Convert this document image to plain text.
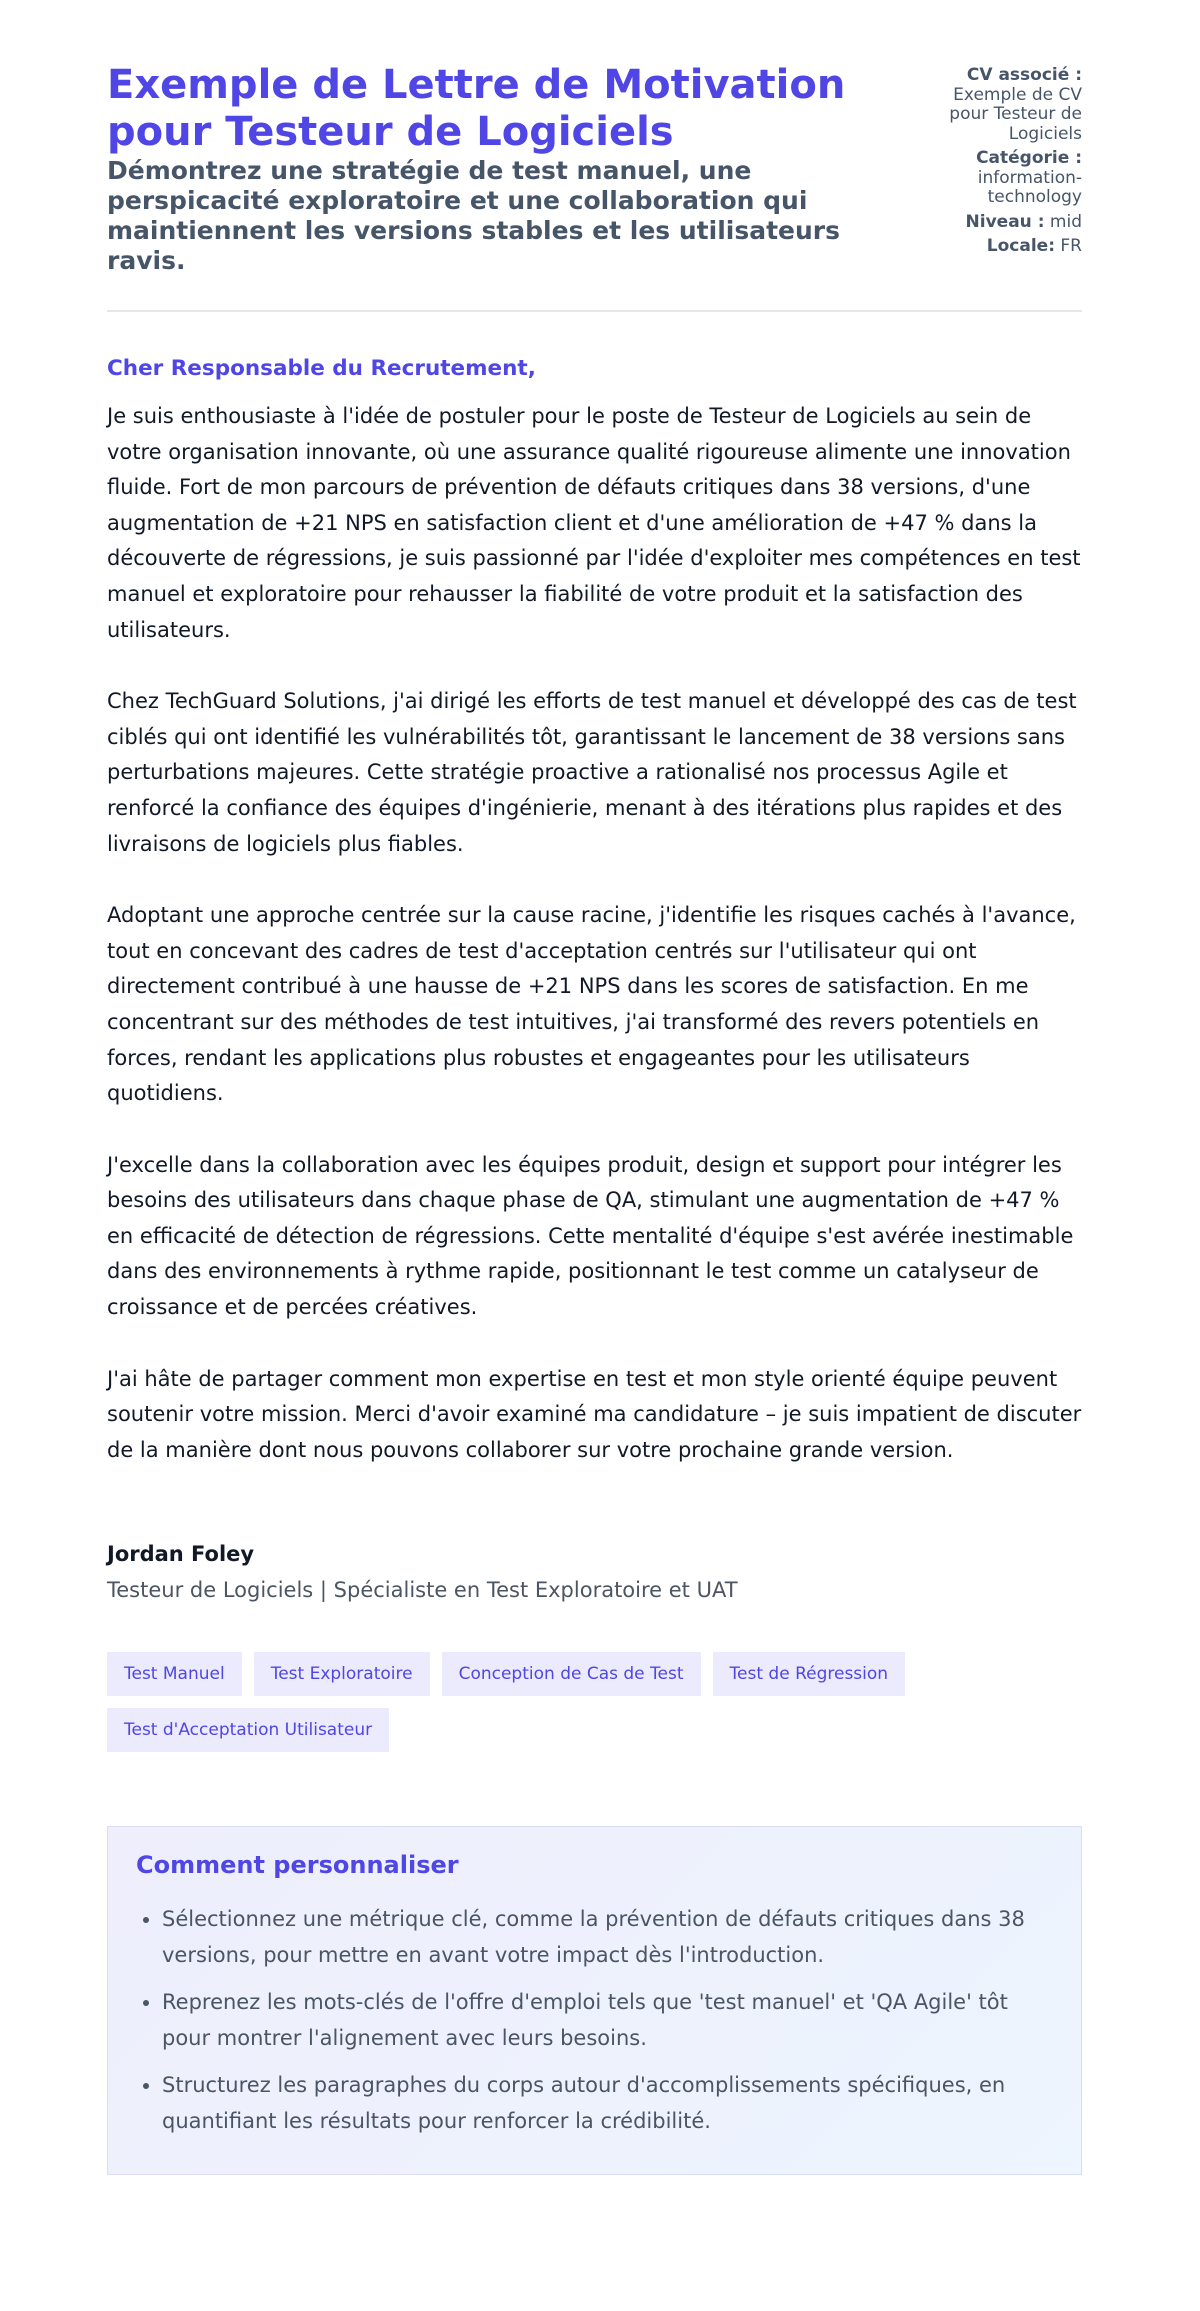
Exemple de Lettre de Motivation pour Testeur de Logiciels
Démontrez une stratégie de test manuel, une perspicacité exploratoire et une collaboration qui maintiennent les versions stables et les utilisateurs ravis.
CV associé :
Exemple de CV pour Testeur de Logiciels
Catégorie :
information-technology
Niveau : mid
Locale: FR
Cher Responsable du Recrutement,

Je suis enthousiaste à l'idée de postuler pour le poste de Testeur de Logiciels au sein de votre organisation innovante, où une assurance qualité rigoureuse alimente une innovation fluide. Fort de mon parcours de prévention de défauts critiques dans 38 versions, d'une augmentation de +21 NPS en satisfaction client et d'une amélioration de +47 % dans la découverte de régressions, je suis passionné par l'idée d'exploiter mes compétences en test manuel et exploratoire pour rehausser la fiabilité de votre produit et la satisfaction des utilisateurs.

Chez TechGuard Solutions, j'ai dirigé les efforts de test manuel et développé des cas de test ciblés qui ont identifié les vulnérabilités tôt, garantissant le lancement de 38 versions sans perturbations majeures. Cette stratégie proactive a rationalisé nos processus Agile et renforcé la confiance des équipes d'ingénierie, menant à des itérations plus rapides et des livraisons de logiciels plus fiables.

Adoptant une approche centrée sur la cause racine, j'identifie les risques cachés à l'avance, tout en concevant des cadres de test d'acceptation centrés sur l'utilisateur qui ont directement contribué à une hausse de +21 NPS dans les scores de satisfaction. En me concentrant sur des méthodes de test intuitives, j'ai transformé des revers potentiels en forces, rendant les applications plus robustes et engageantes pour les utilisateurs quotidiens.

J'excelle dans la collaboration avec les équipes produit, design et support pour intégrer les besoins des utilisateurs dans chaque phase de QA, stimulant une augmentation de +47 % en efficacité de détection de régressions. Cette mentalité d'équipe s'est avérée inestimable dans des environnements à rythme rapide, positionnant le test comme un catalyseur de croissance et de percées créatives.

J'ai hâte de partager comment mon expertise en test et mon style orienté équipe peuvent soutenir votre mission. Merci d'avoir examiné ma candidature – je suis impatient de discuter de la manière dont nous pouvons collaborer sur votre prochaine grande version.

Jordan Foley
Testeur de Logiciels | Spécialiste en Test Exploratoire et UAT
Test Manuel	Test Exploratoire	Conception de Cas de Test	Test de Régression
Test d'Acceptation Utilisateur
Comment personnaliser
• Sélectionnez une métrique clé, comme la prévention de défauts critiques dans 38 versions, pour mettre en avant votre impact dès l'introduction.
• Reprenez les mots-clés de l'offre d'emploi tels que 'test manuel' et 'QA Agile' tôt pour montrer l'alignement avec leurs besoins.
• Structurez les paragraphes du corps autour d'accomplissements spécifiques, en quantifiant les résultats pour renforcer la crédibilité.
